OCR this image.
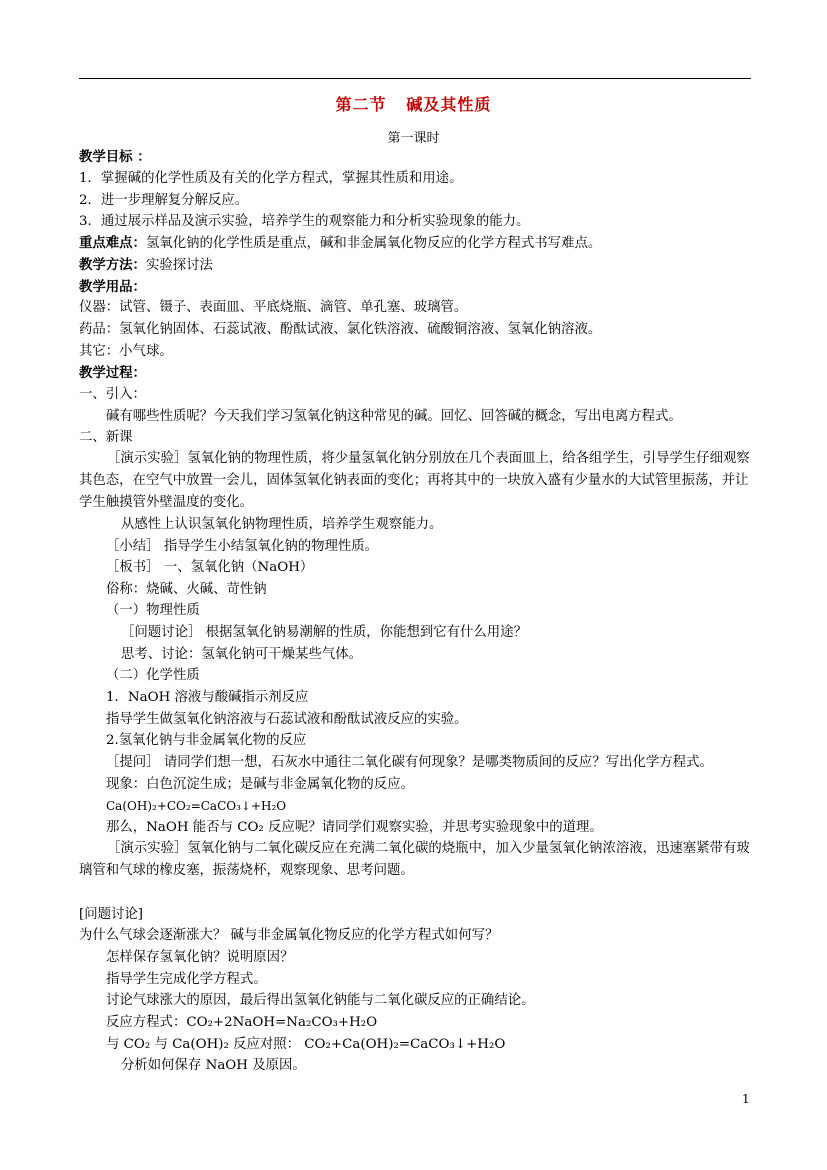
第二节   碱及其性质
第一课时
教学目标 ：
1．掌握碱的化学性质及有关的化学方程式，掌握其性质和用途。
2．进一步理解复分解反应。
3．通过展示样品及演示实验，培养学生的观察能力和分析实验现象的能力。
重点难点：氢氧化钠的化学性质是重点，碱和非金属氧化物反应的化学方程式书写难点。
教学方法：实验探讨法
教学用品：
仪器：试管、镊子、表面皿、平底烧瓶、滴管、单孔塞、玻璃管。
药品：氢氧化钠固体、石蕊试液、酚酞试液、氯化铁溶液、硫酸铜溶液、氢氧化钠溶液。
其它：小气球。
教学过程：
一、引入：
碱有哪些性质呢？今天我们学习氢氧化钠这种常见的碱。回忆、回答碱的概念，写出电离方程式。
二、新课
［演示实验］氢氧化钠的物理性质，将少量氢氧化钠分别放在几个表面皿上，给各组学生，引导学生仔细观察其色态，在空气中放置一会儿，固体氢氧化钠表面的变化；再将其中的一块放入盛有少量水的大试管里振荡，并让学生触摸管外壁温度的变化。
从感性上认识氢氧化钠物理性质，培养学生观察能力。
［小结］ 指导学生小结氢氧化钠的物理性质。
［板书］ 一、氢氧化钠（NaOH）
俗称：烧碱、火碱、苛性钠
（一）物理性质
［问题讨论］ 根据氢氧化钠易潮解的性质，你能想到它有什么用途？
思考、讨论：氢氧化钠可干燥某些气体。
（二）化学性质
1．NaOH 溶液与酸碱指示剂反应
指导学生做氢氧化钠溶液与石蕊试液和酚酞试液反应的实验。
2.氢氧化钠与非金属氧化物的反应
［提问］ 请同学们想一想，石灰水中通往二氧化碳有何现象？是哪类物质间的反应？写出化学方程式。
现象：白色沉淀生成；是碱与非金属氧化物的反应。
Ca(OH)₂+CO₂=CaCO₃↓+H₂O
那么，NaOH 能否与 CO₂ 反应呢？请同学们观察实验，并思考实验现象中的道理。
［演示实验］氢氧化钠与二氧化碳反应在充满二氧化碳的烧瓶中，加入少量氢氧化钠浓溶液，迅速塞紧带有玻璃管和气球的橡皮塞，振荡烧杯，观察现象、思考问题。
[问题讨论]
为什么气球会逐渐涨大？ 碱与非金属氧化物反应的化学方程式如何写？
怎样保存氢氧化钠？说明原因？
指导学生完成化学方程式。
讨论气球涨大的原因，最后得出氢氧化钠能与二氧化碳反应的正确结论。
反应方程式：CO₂+2NaOH=Na₂CO₃+H₂O
与 CO₂ 与 Ca(OH)₂ 反应对照： CO₂+Ca(OH)₂=CaCO₃↓+H₂O
分析如何保存 NaOH 及原因。
1
